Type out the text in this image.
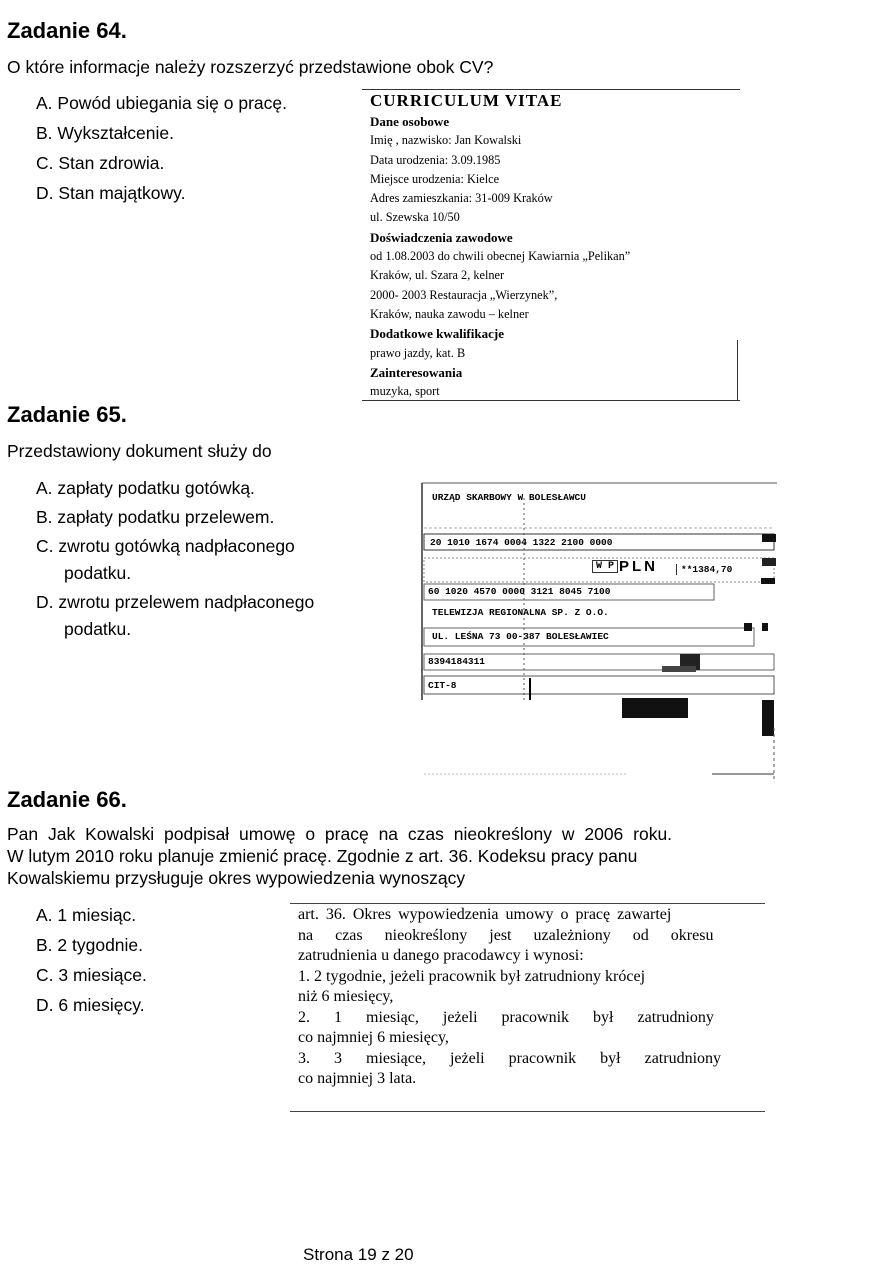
Zadanie 64.
O które informacje należy rozszerzyć przedstawione obok CV?
A. Powód ubiegania się o pracę.
B. Wykształcenie.
C. Stan zdrowia.
D. Stan majątkowy.
CURRICULUM VITAE
Dane osobowe
Imię , nazwisko: Jan Kowalski
Data urodzenia: 3.09.1985
Miejsce urodzenia: Kielce
Adres zamieszkania: 31-009 Kraków
ul. Szewska 10/50
Doświadczenia zawodowe
od 1.08.2003 do chwili obecnej Kawiarnia „Pelikan”
Kraków, ul. Szara 2, kelner
2000- 2003 Restauracja „Wierzynek”,
Kraków, nauka zawodu – kelner
Dodatkowe kwalifikacje
prawo jazdy, kat. B
Zainteresowania
muzyka, sport
Zadanie 65.
Przedstawiony dokument służy do
A. zapłaty podatku gotówką.
B. zapłaty podatku przelewem.
C. zwrotu gotówką nadpłaconego
podatku.
D. zwrotu przelewem nadpłaconego
podatku.
URZĄD SKARBOWY W BOLESŁAWCU
20 1010 1674 0004 1322 2100 0000
W P PLN	**1384,70
60 1020 4570 0000 3121 8045 7100
TELEWIZJA REGIONALNA SP. Z O.O.
UL. LEŚNA 73 00-387 BOLESŁAWIEC
8394184311
CIT-8
Zadanie 66.
Pan Jak Kowalski podpisał umowę o pracę na czas nieokreślony w 2006 roku.
W lutym 2010 roku planuje zmienić pracę. Zgodnie z art. 36. Kodeksu pracy panu
Kowalskiemu przysługuje okres wypowiedzenia wynoszący
A. 1 miesiąc.
B. 2 tygodnie.
C. 3 miesiące.
D. 6 miesięcy.
art. 36. Okres wypowiedzenia umowy o pracę zawartej
na czas nieokreślony jest uzależniony od okresu
zatrudnienia u danego pracodawcy i wynosi:
1. 2 tygodnie, jeżeli pracownik był zatrudniony krócej
niż 6 miesięcy,
2. 1 miesiąc, jeżeli pracownik był zatrudniony
co najmniej 6 miesięcy,
3. 3 miesiące, jeżeli pracownik był zatrudniony
co najmniej 3 lata.
Strona 19 z 20
